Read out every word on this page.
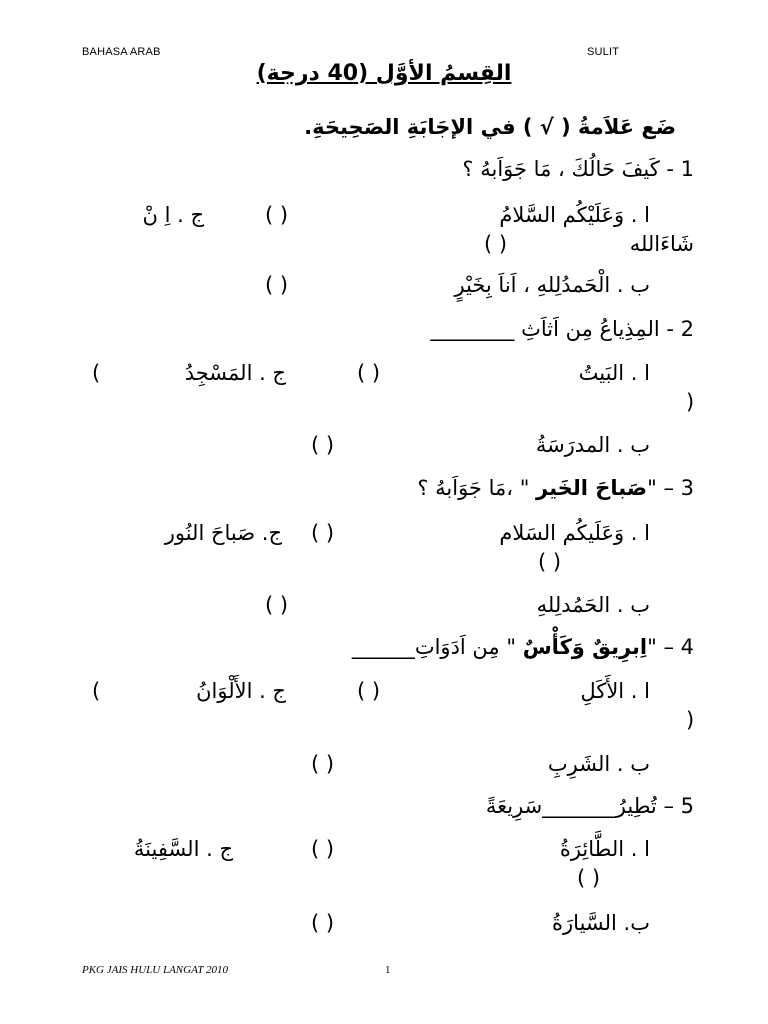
BAHASA ARAB	SULIT
القِسمُ الأوَّل (40 درجة)
ضَع عَلاَمةُ ( √ ) في الإجَابَةِ الصَحِيحَةِ.
1 - كَيفَ حَالُكَ ، مَا جَوَاَبهُ ؟
ا . وَعَلَيْكُم السَّلامُ
( )
ج . اِ نْ
شَاءَالله
( )
ب . الْحَمدُلِلهِ ، اَناَ بِخَيْرٍ
( )
2 - المِذِياعُ مِن اَثاَثِ ________
ا . البَيتُ
( )
ج . المَسْجِدُ
(
)
ب . المدرَسَةُ
( )
3 – "صَباحَ الخَير " ،مَا جَوَاَبهُ ؟
ا . وَعَلَيكُم السَلام
( )
ج. صَباحَ النُور
( )
ب . الحَمُدلِلهِ
( )
4 – "اِبرِيقٌ وَكَأْسٌ " مِن اَدَوَاتِ______
ا . الأَكَلِ
( )
ج . الأَلْوَانُ
(
)
ب . الشَرِبِ
( )
5 – تُطِيرُ_______سَرِيعَةً
ا . الطَّائِرَةُ
( )
ج . السَّفِينَةُ
( )
ب. السَّيارَةُ
( )
PKG JAIS HULU LANGAT 2010	1
